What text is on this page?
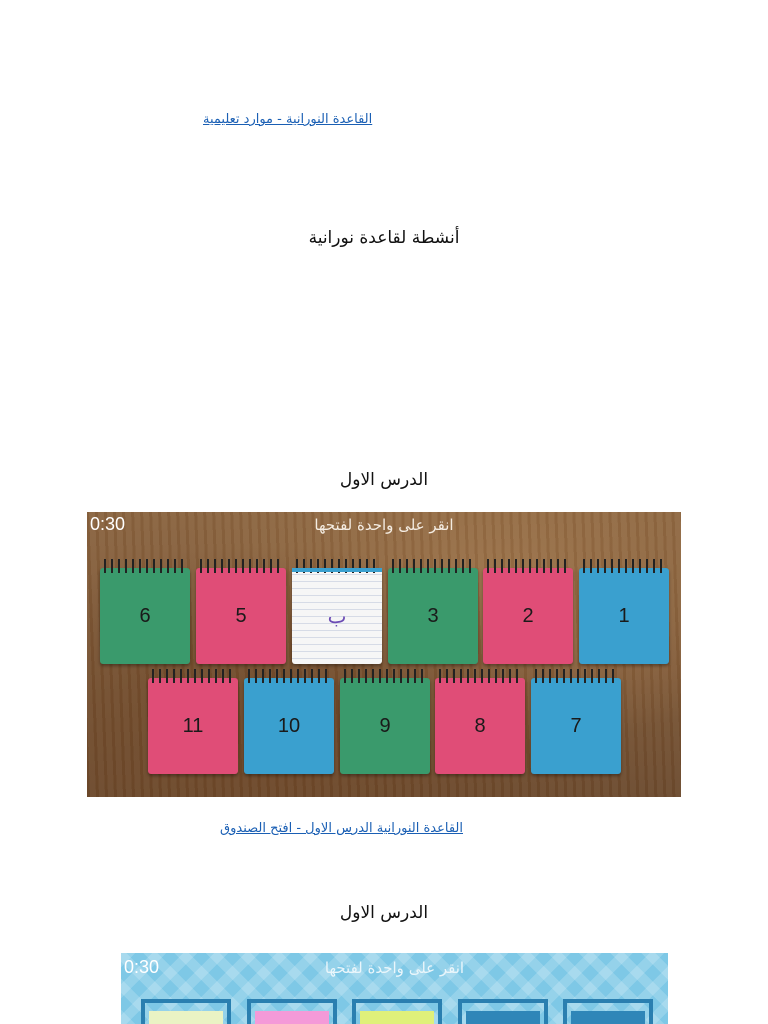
القاعدة النورانية - موارد تعليمية
أنشطة لقاعدة نورانية
الدرس الاول
0:30	انقر على واحدة لفتحها
6	5	ب	3	2	1
11	10	9	8	7
القاعدة النورانية الدرس الاول - افتح الصندوق
الدرس الاول
0:30	انقر على واحدة لفتحها
